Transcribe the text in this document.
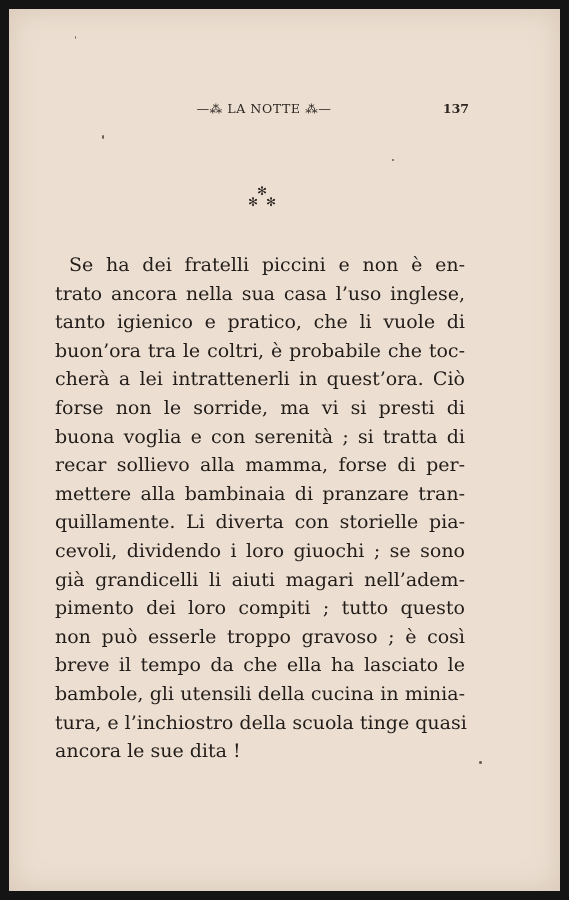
—⁂ LA NOTTE ⁂—	137
✻
✻ ✻
Se ha dei fratelli piccini e non è en-
trato ancora nella sua casa l’uso inglese,
tanto igienico e pratico, che li vuole di
buon’ora tra le coltri, è probabile che toc-
cherà a lei intrattenerli in quest’ora. Ciò
forse non le sorride, ma vi si presti di
buona voglia e con serenità ; si tratta di
recar sollievo alla mamma, forse di per-
mettere alla bambinaia di pranzare tran-
quillamente. Li diverta con storielle pia-
cevoli, dividendo i loro giuochi ; se sono
già grandicelli li aiuti magari nell’adem-
pimento dei loro compiti ; tutto questo
non può esserle troppo gravoso ; è così
breve il tempo da che ella ha lasciato le
bambole, gli utensili della cucina in minia-
tura, e l’inchiostro della scuola tinge quasi
ancora le sue dita !
